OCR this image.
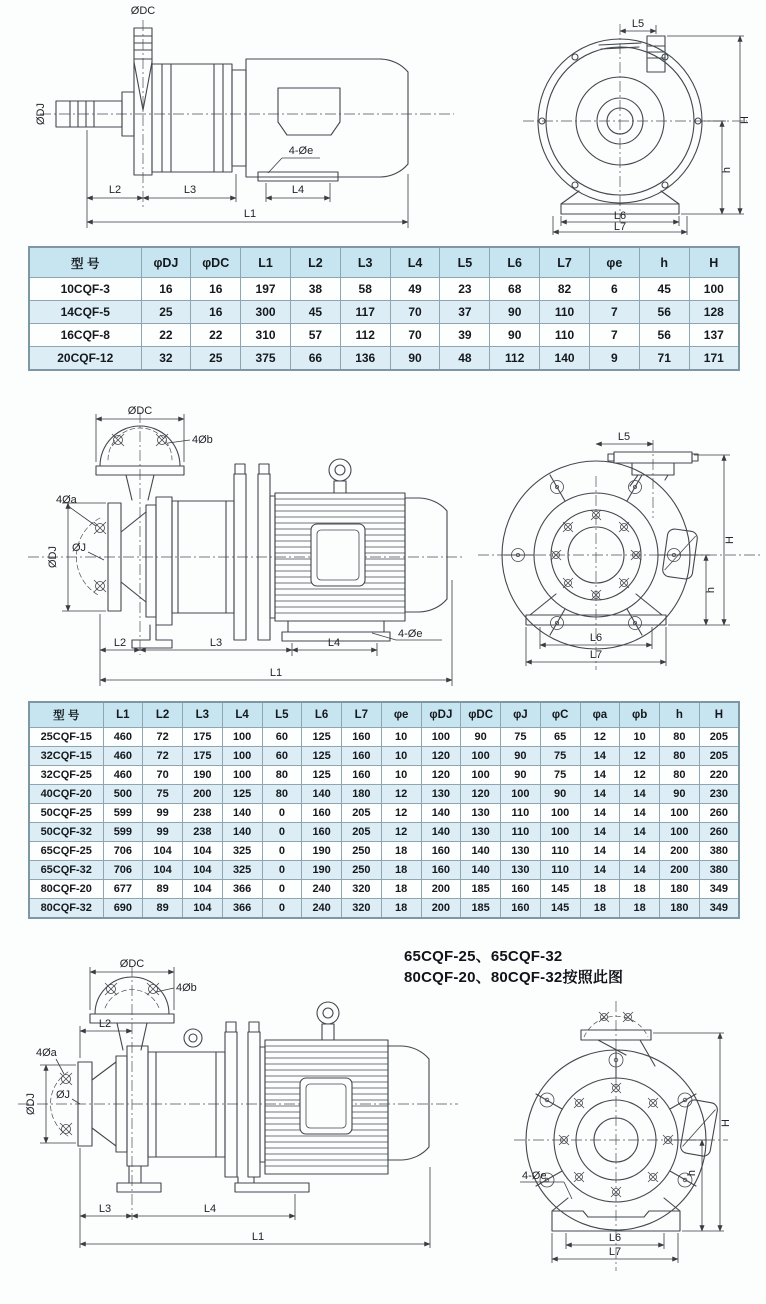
ØDC
ØDJ
4-Øe
L2	L3	L4
L1
L5
H
h
L6
L7
型 号	φDJ	φDC	L1	L2	L3	L4	L5	L6	L7	φe	h	H
10CQF-3	16	16	197	38	58	49	23	68	82	6	45	100
14CQF-5	25	16	300	45	117	70	37	90	110	7	56	128
16CQF-8	22	22	310	57	112	70	39	90	110	7	56	137
20CQF-12	32	25	375	66	136	90	48	112	140	9	71	171
ØDC
4Øb
4Øa
ØJ
ØDJ
4-Øe
L2	L3	L4
L1
L5
H
h
L6
L7
型 号	L1	L2	L3	L4	L5	L6	L7	φe	φDJ	φDC	φJ	φC	φa	φb	h	H
25CQF-15	460	72	175	100	60	125	160	10	100	90	75	65	12	10	80	205
32CQF-15	460	72	175	100	60	125	160	10	120	100	90	75	14	12	80	205
32CQF-25	460	70	190	100	80	125	160	10	120	100	90	75	14	12	80	220
40CQF-20	500	75	200	125	80	140	180	12	130	120	100	90	14	14	90	230
50CQF-25	599	99	238	140	0	160	205	12	140	130	110	100	14	14	100	260
50CQF-32	599	99	238	140	0	160	205	12	140	130	110	100	14	14	100	260
65CQF-25	706	104	104	325	0	190	250	18	160	140	130	110	14	14	200	380
65CQF-32	706	104	104	325	0	190	250	18	160	140	130	110	14	14	200	380
80CQF-20	677	89	104	366	0	240	320	18	200	185	160	145	18	18	180	349
80CQF-32	690	89	104	366	0	240	320	18	200	185	160	145	18	18	180	349
65CQF-25、65CQF-32
80CQF-20、80CQF-32按照此图
ØDC
4Øb
L2
4Øa
ØJ
ØDJ
L3	L4
L1
4-Øe
H
h
L6
L7
